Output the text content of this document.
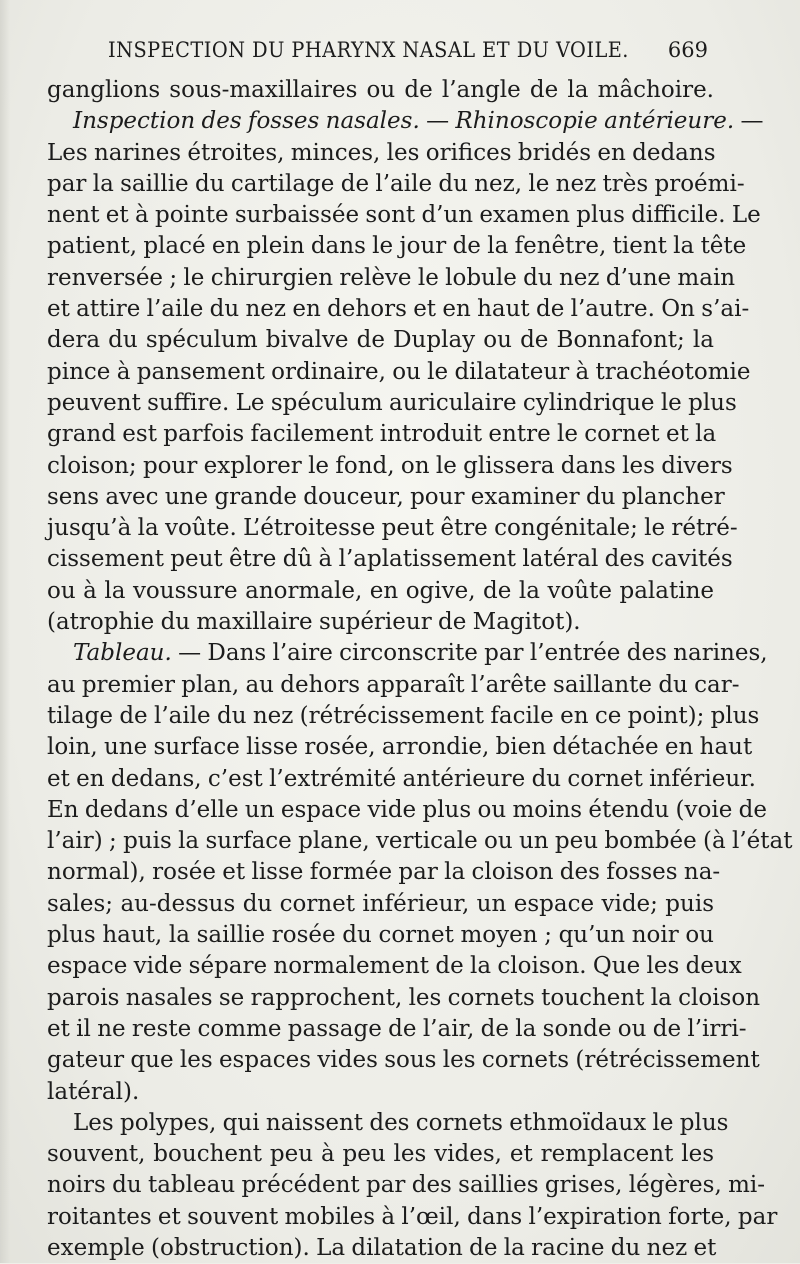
INSPECTION DU PHARYNX NASAL ET DU VOILE. 669
ganglions sous-maxillaires ou de l’angle de la mâchoire.
Inspection des fosses nasales. — Rhinoscopie antérieure. —
Les narines étroites, minces, les orifices bridés en dedans
par la saillie du cartilage de l’aile du nez, le nez très proémi-
nent et à pointe surbaissée sont d’un examen plus difficile. Le
patient, placé en plein dans le jour de la fenêtre, tient la tête
renversée ; le chirurgien relève le lobule du nez d’une main
et attire l’aile du nez en dehors et en haut de l’autre. On s’ai-
dera du spéculum bivalve de Duplay ou de Bonnafont; la
pince à pansement ordinaire, ou le dilatateur à trachéotomie
peuvent suffire. Le spéculum auriculaire cylindrique le plus
grand est parfois facilement introduit entre le cornet et la
cloison; pour explorer le fond, on le glissera dans les divers
sens avec une grande douceur, pour examiner du plancher
jusqu’à la voûte. L’étroitesse peut être congénitale; le rétré-
cissement peut être dû à l’aplatissement latéral des cavités
ou à la voussure anormale, en ogive, de la voûte palatine
(atrophie du maxillaire supérieur de Magitot).
Tableau. — Dans l’aire circonscrite par l’entrée des narines,
au premier plan, au dehors apparaît l’arête saillante du car-
tilage de l’aile du nez (rétrécissement facile en ce point); plus
loin, une surface lisse rosée, arrondie, bien détachée en haut
et en dedans, c’est l’extrémité antérieure du cornet inférieur.
En dedans d’elle un espace vide plus ou moins étendu (voie de
l’air) ; puis la surface plane, verticale ou un peu bombée (à l’état
normal), rosée et lisse formée par la cloison des fosses na-
sales; au-dessus du cornet inférieur, un espace vide; puis
plus haut, la saillie rosée du cornet moyen ; qu’un noir ou
espace vide sépare normalement de la cloison. Que les deux
parois nasales se rapprochent, les cornets touchent la cloison
et il ne reste comme passage de l’air, de la sonde ou de l’irri-
gateur que les espaces vides sous les cornets (rétrécissement
latéral).
Les polypes, qui naissent des cornets ethmoïdaux le plus
souvent, bouchent peu à peu les vides, et remplacent les
noirs du tableau précédent par des saillies grises, légères, mi-
roitantes et souvent mobiles à l’œil, dans l’expiration forte, par
exemple (obstruction). La dilatation de la racine du nez et
